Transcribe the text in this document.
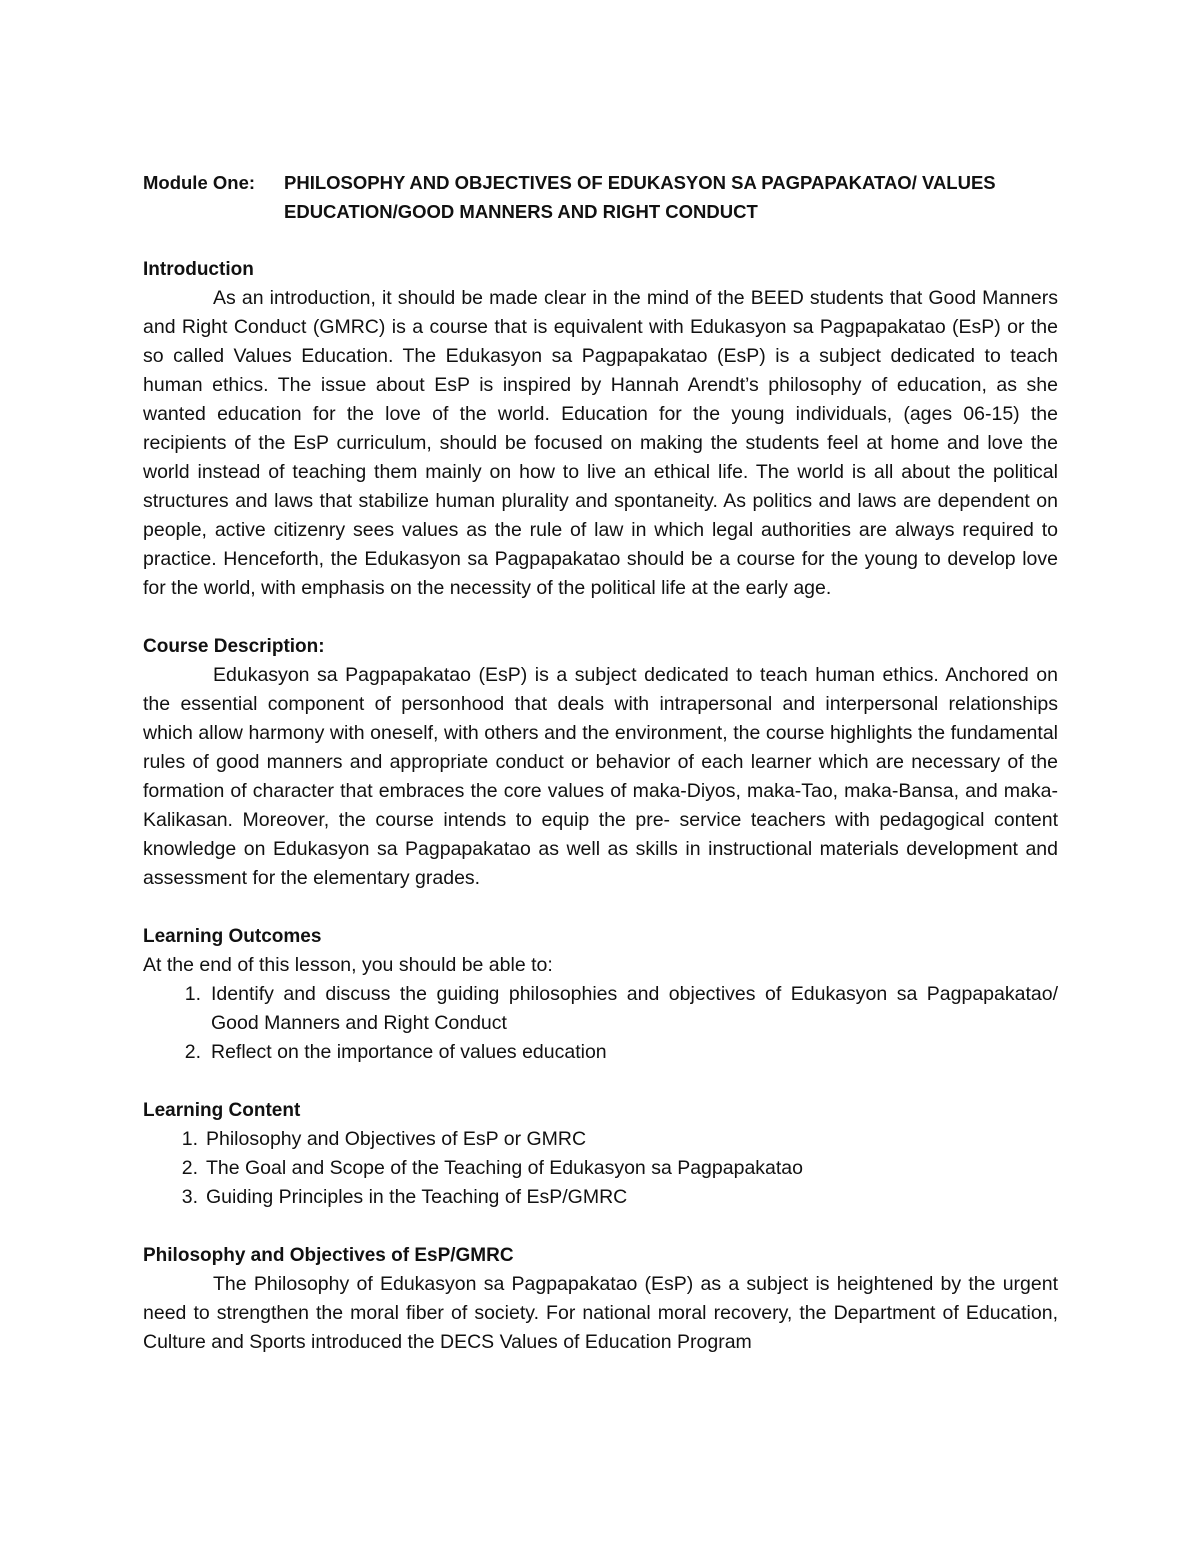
Module One:	PHILOSOPHY AND OBJECTIVES OF EDUKASYON SA PAGPAPAKATAO/ VALUES
EDUCATION/GOOD MANNERS AND RIGHT CONDUCT

Introduction

As an introduction, it should be made clear in the mind of the BEED students that Good Manners and Right Conduct (GMRC) is a course that is equivalent with Edukasyon sa Pagpapakatao (EsP) or the so called Values Education. The Edukasyon sa Pagpapakatao (EsP) is a subject dedicated to teach human ethics. The issue about EsP is inspired by Hannah Arendt’s philosophy of education, as she wanted education for the love of the world. Education for the young individuals, (ages 06-15) the recipients of the EsP curriculum, should be focused on making the students feel at home and love the world instead of teaching them mainly on how to live an ethical life. The world is all about the political structures and laws that stabilize human plurality and spontaneity. As politics and laws are dependent on people, active citizenry sees values as the rule of law in which legal authorities are always required to practice. Henceforth, the Edukasyon sa Pagpapakatao should be a course for the young to develop love for the world, with emphasis on the necessity of the political life at the early age.

Course Description:

Edukasyon sa Pagpapakatao (EsP) is a subject dedicated to teach human ethics. Anchored on the essential component of personhood that deals with intrapersonal and interpersonal relationships which allow harmony with oneself, with others and the environment, the course highlights the fundamental rules of good manners and appropriate conduct or behavior of each learner which are necessary of the formation of character that embraces the core values of maka-Diyos, maka-Tao, maka-Bansa, and maka-Kalikasan. Moreover, the course intends to equip the pre- service teachers with pedagogical content knowledge on Edukasyon sa Pagpapakatao as well as skills in instructional materials development and assessment for the elementary grades.

Learning Outcomes

At the end of this lesson, you should be able to:

1. Identify and discuss the guiding philosophies and objectives of Edukasyon sa Pagpapakatao/ Good Manners and Right Conduct
2. Reflect on the importance of values education

Learning Content

1. Philosophy and Objectives of EsP or GMRC
2. The Goal and Scope of the Teaching of Edukasyon sa Pagpapakatao
3. Guiding Principles in the Teaching of EsP/GMRC

Philosophy and Objectives of EsP/GMRC

The Philosophy of Edukasyon sa Pagpapakatao (EsP) as a subject is heightened by the urgent need to strengthen the moral fiber of society. For national moral recovery, the Department of Education, Culture and Sports introduced the DECS Values of Education Program
